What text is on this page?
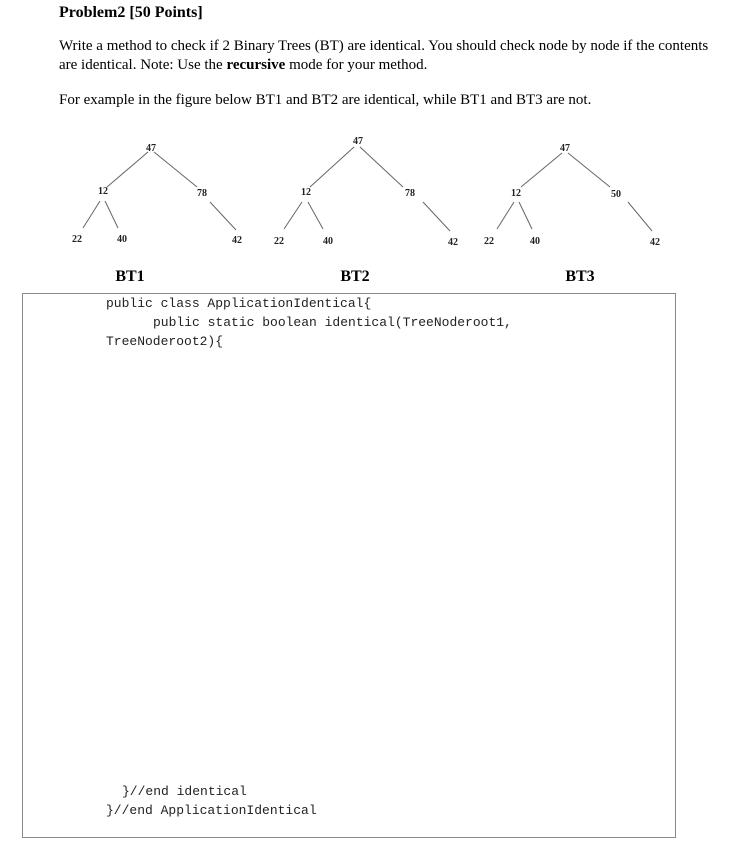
Problem2 [50 Points]

Write a method to check if 2 Binary Trees (BT) are identical. You should check node by node if the contents are identical. Note: Use the recursive mode for your method.

For example in the figure below BT1 and BT2 are identical, while BT1 and BT3 are not.

47
12	78
22	40	42
BT1
47
12	78
22	40	42
BT2
47
12	50
22	40	42
BT3
public class ApplicationIdentical{
public static boolean identical(TreeNoderoot1,
TreeNoderoot2){
}//end identical
}//end ApplicationIdentical
